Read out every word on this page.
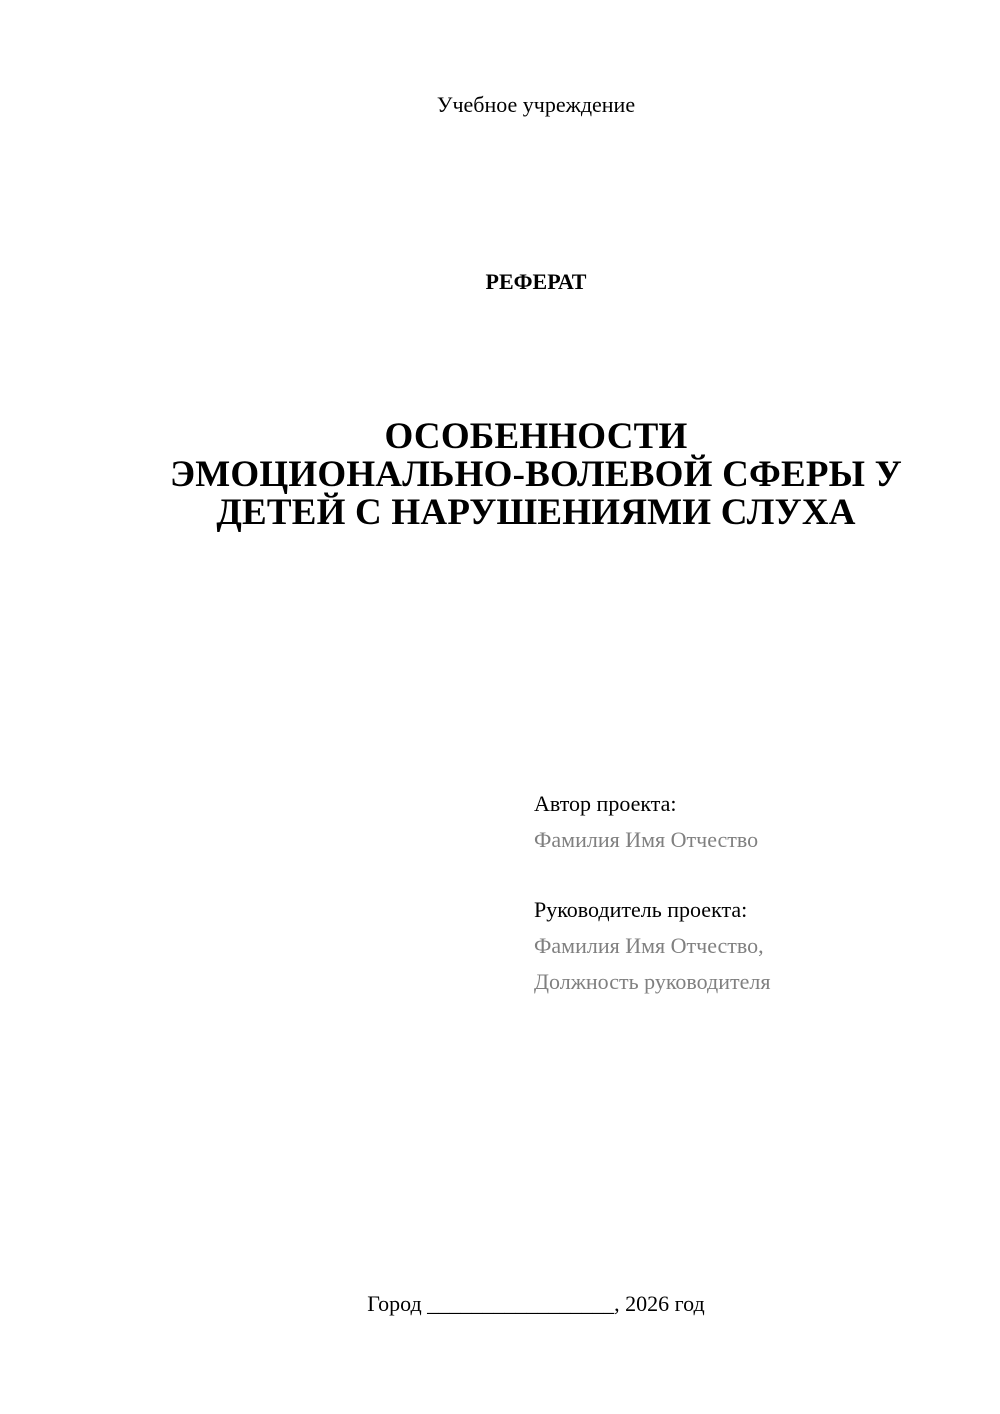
Учебное учреждение
РЕФЕРАТ
ОСОБЕННОСТИ
ЭМОЦИОНАЛЬНО-ВОЛЕВОЙ СФЕРЫ У
ДЕТЕЙ С НАРУШЕНИЯМИ СЛУХА
Автор проекта:
Фамилия Имя Отчество
Руководитель проекта:
Фамилия Имя Отчество,
Должность руководителя
Город _________________, 2026 год
